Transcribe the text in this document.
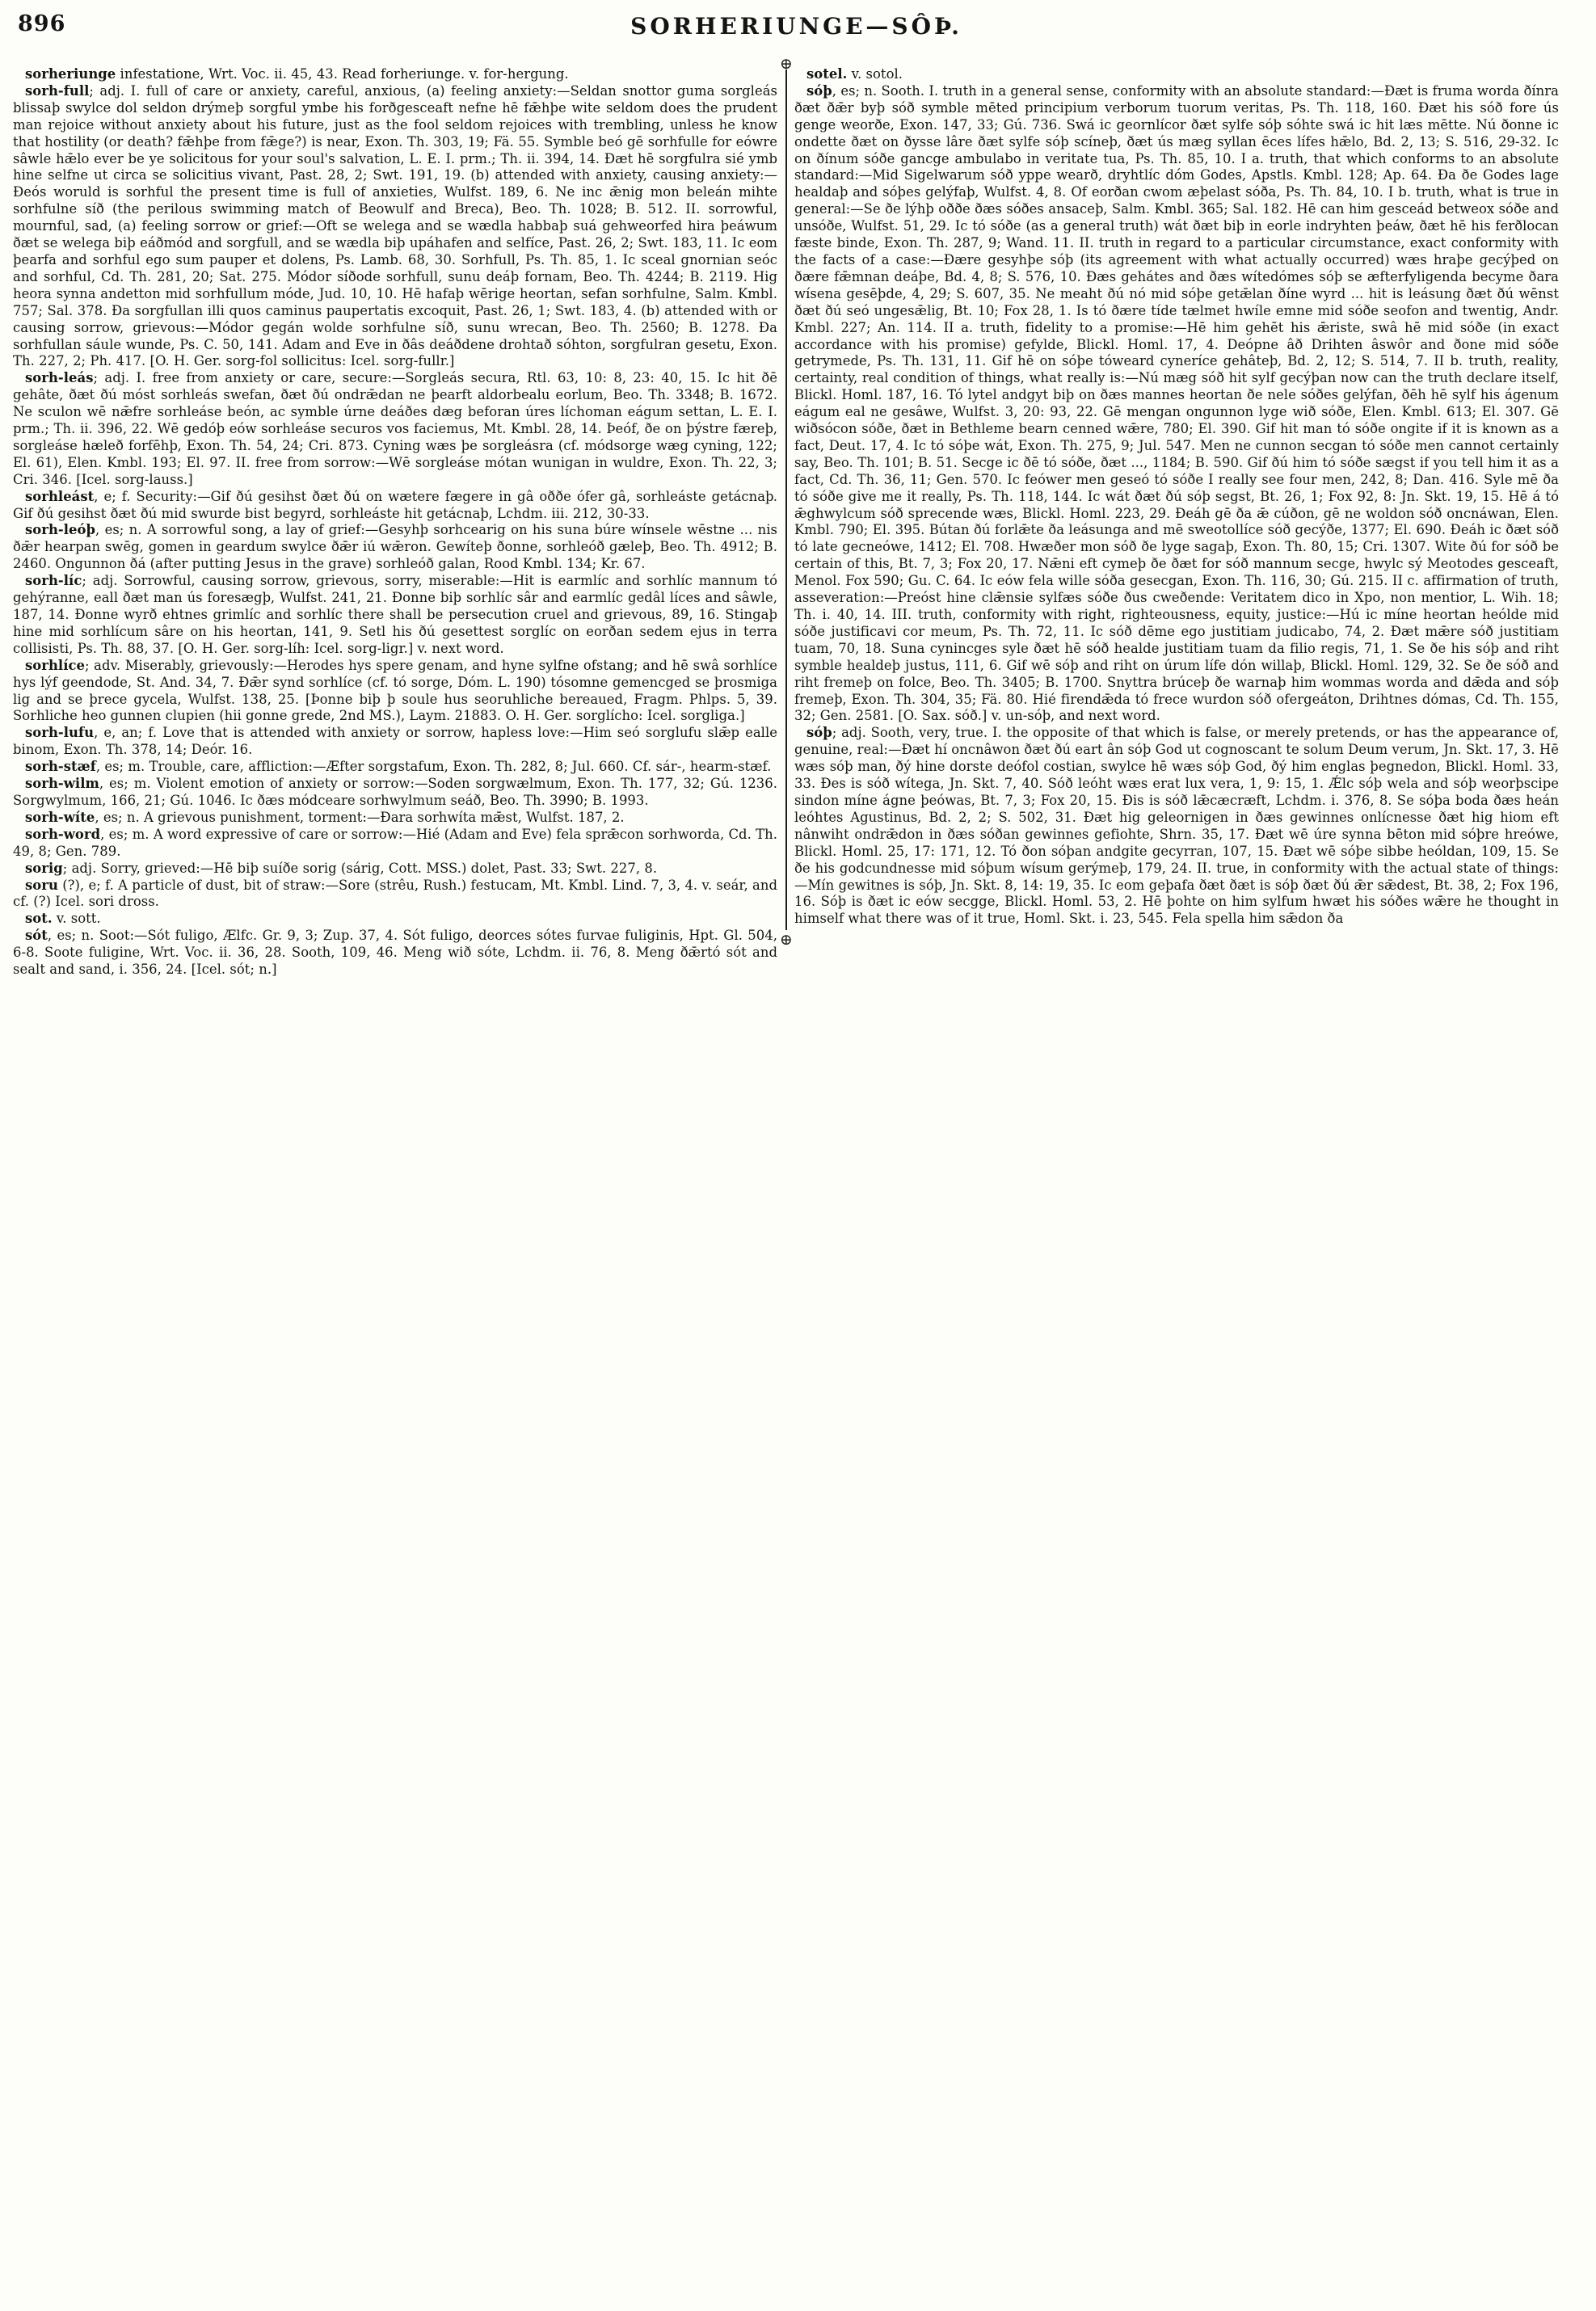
896	SORHERIUNGE—SÔÞ.

sorheriunge infestatione, Wrt. Voc. ii. 45, 43. Read forheriunge. v. for-hergung.

sorh-full; adj. I. full of care or anxiety, careful, anxious, (a) feeling anxiety:—Seldan snottor guma sorgleás blissaþ swylce dol seldon drýmeþ sorgful ymbe his forðgesceaft nefne hē fǣhþe wite seldom does the prudent man rejoice without anxiety about his future, just as the fool seldom rejoices with trembling, unless he know that hostility (or death? fǣhþe from fǣge?) is near, Exon. Th. 303, 19; Fä. 55. Symble beó gē sorhfulle for eówre sâwle hǣlo ever be ye solicitous for your soul's salvation, L. E. I. prm.; Th. ii. 394, 14. Ðæt hē sorgfulra sié ymb hine selfne ut circa se solicitius vivant, Past. 28, 2; Swt. 191, 19. (b) attended with anxiety, causing anxiety:—Ðeós woruld is sorhful the present time is full of anxieties, Wulfst. 189, 6. Ne inc ǣnig mon beleán mihte sorhfulne síð (the perilous swimming match of Beowulf and Breca), Beo. Th. 1028; B. 512. II. sorrowful, mournful, sad, (a) feeling sorrow or grief:—Oft se welega and se wædla habbaþ suá gehweorfed hira þeáwum ðæt se welega biþ eáðmód and sorgfull, and se wædla biþ upáhafen and selfíce, Past. 26, 2; Swt. 183, 11. Ic eom þearfa and sorhful ego sum pauper et dolens, Ps. Lamb. 68, 30. Sorhfull, Ps. Th. 85, 1. Ic sceal gnornian seóc and sorhful, Cd. Th. 281, 20; Sat. 275. Módor síðode sorhfull, sunu deáþ fornam, Beo. Th. 4244; B. 2119. Hig heora synna andetton mid sorhfullum móde, Jud. 10, 10. Hē hafaþ wērige heortan, sefan sorhfulne, Salm. Kmbl. 757; Sal. 378. Ða sorgfullan illi quos caminus paupertatis excoquit, Past. 26, 1; Swt. 183, 4. (b) attended with or causing sorrow, grievous:—Módor gegán wolde sorhfulne síð, sunu wrecan, Beo. Th. 2560; B. 1278. Ða sorhfullan sáule wunde, Ps. C. 50, 141. Adam and Eve in ðâs deáðdene drohtað sóhton, sorgfulran gesetu, Exon. Th. 227, 2; Ph. 417. [O. H. Ger. sorg-fol sollicitus: Icel. sorg-fullr.]

sorh-leás; adj. I. free from anxiety or care, secure:—Sorgleás secura, Rtl. 63, 10: 8, 23: 40, 15. Ic hit ðē gehâte, ðæt ðú móst sorhleás swefan, ðæt ðú ondrǣdan ne þearft aldorbealu eorlum, Beo. Th. 3348; B. 1672. Ne sculon wē nǣfre sorhleáse beón, ac symble úrne deáðes dæg beforan úres líchoman eágum settan, L. E. I. prm.; Th. ii. 396, 22. Wē gedóþ eów sorhleáse securos vos faciemus, Mt. Kmbl. 28, 14. Þeóf, ðe on þýstre færeþ, sorgleáse hæleð forfēhþ, Exon. Th. 54, 24; Cri. 873. Cyning wæs þe sorgleásra (cf. módsorge wæg cyning, 122; El. 61), Elen. Kmbl. 193; El. 97. II. free from sorrow:—Wē sorgleáse mótan wunigan in wuldre, Exon. Th. 22, 3; Cri. 346. [Icel. sorg-lauss.]

sorhleást, e; f. Security:—Gif ðú gesihst ðæt ðú on wætere fægere in gâ oððe ófer gâ, sorhleáste getácnaþ. Gif ðú gesihst ðæt ðú mid swurde bist begyrd, sorhleáste hit getácnaþ, Lchdm. iii. 212, 30-33.

sorh-leóþ, es; n. A sorrowful song, a lay of grief:—Gesyhþ sorhcearig on his suna búre wínsele wēstne ... nis ðǣr hearpan swēg, gomen in geardum swylce ðǣr iú wǣron. Gewíteþ ðonne, sorhleóð gæleþ, Beo. Th. 4912; B. 2460. Ongunnon ðá (after putting Jesus in the grave) sorhleóð galan, Rood Kmbl. 134; Kr. 67.

sorh-líc; adj. Sorrowful, causing sorrow, grievous, sorry, miserable:—Hit is earmlíc and sorhlíc mannum tó gehýranne, eall ðæt man ús foresægþ, Wulfst. 241, 21. Ðonne biþ sorhlíc sâr and earmlíc gedâl líces and sâwle, 187, 14. Ðonne wyrð ehtnes grimlíc and sorhlíc there shall be persecution cruel and grievous, 89, 16. Stingaþ hine mid sorhlícum sâre on his heortan, 141, 9. Setl his ðú gesettest sorglíc on eorðan sedem ejus in terra collisisti, Ps. Th. 88, 37. [O. H. Ger. sorg-líh: Icel. sorg-ligr.] v. next word.

sorhlíce; adv. Miserably, grievously:—Herodes hys spere genam, and hyne sylfne ofstang; and hē swâ sorhlíce hys lýf geendode, St. And. 34, 7. Ðǣr synd sorhlíce (cf. tó sorge, Dóm. L. 190) tósomne gemencged se þrosmiga lig and se þrece gycela, Wulfst. 138, 25. [Þonne biþ þ soule hus seoruhliche bereaued, Fragm. Phlps. 5, 39. Sorhliche heo gunnen clupien (hii gonne grede, 2nd MS.), Laym. 21883. O. H. Ger. sorglícho: Icel. sorgliga.]

sorh-lufu, e, an; f. Love that is attended with anxiety or sorrow, hapless love:—Him seó sorglufu slǣp ealle binom, Exon. Th. 378, 14; Deór. 16.

sorh-stæf, es; m. Trouble, care, affliction:—Æfter sorgstafum, Exon. Th. 282, 8; Jul. 660. Cf. sár-, hearm-stæf.

sorh-wilm, es; m. Violent emotion of anxiety or sorrow:—Soden sorgwælmum, Exon. Th. 177, 32; Gú. 1236. Sorgwylmum, 166, 21; Gú. 1046. Ic ðæs módceare sorhwylmum seáð, Beo. Th. 3990; B. 1993.

sorh-wíte, es; n. A grievous punishment, torment:—Ðara sorhwíta mǣst, Wulfst. 187, 2.

sorh-word, es; m. A word expressive of care or sorrow:—Hié (Adam and Eve) fela sprǣcon sorhworda, Cd. Th. 49, 8; Gen. 789.

sorig; adj. Sorry, grieved:—Hē biþ suíðe sorig (sárig, Cott. MSS.) dolet, Past. 33; Swt. 227, 8.

soru (?), e; f. A particle of dust, bit of straw:—Sore (strêu, Rush.) festucam, Mt. Kmbl. Lind. 7, 3, 4. v. seár, and cf. (?) Icel. sori dross.

sot. v. sott.

sót, es; n. Soot:—Sót fuligo, Ælfc. Gr. 9, 3; Zup. 37, 4. Sót fuligo, deorces sótes furvae fuliginis, Hpt. Gl. 504, 6-8. Soote fuligine, Wrt. Voc. ii. 36, 28. Sooth, 109, 46. Meng wið sóte, Lchdm. ii. 76, 8. Meng ðǣrtó sót and sealt and sand, i. 356, 24. [Icel. sót; n.]

⊕
⊕

sotel. v. sotol.

sóþ, es; n. Sooth. I. truth in a general sense, conformity with an absolute standard:—Ðæt is fruma worda ðínra ðæt ðǣr byþ sóð symble mēted principium verborum tuorum veritas, Ps. Th. 118, 160. Ðæt his sóð fore ús genge weorðe, Exon. 147, 33; Gú. 736. Swá ic geornlícor ðæt sylfe sóþ sóhte swá ic hit læs mētte. Nú ðonne ic ondette ðæt on ðysse lâre ðæt sylfe sóþ scíneþ, ðæt ús mæg syllan ēces lífes hǣlo, Bd. 2, 13; S. 516, 29-32. Ic on ðínum sóðe gancge ambulabo in veritate tua, Ps. Th. 85, 10. I a. truth, that which conforms to an absolute standard:—Mid Sigelwarum sóð yppe wearð, dryhtlíc dóm Godes, Apstls. Kmbl. 128; Ap. 64. Ða ðe Godes lage healdaþ and sóþes gelýfaþ, Wulfst. 4, 8. Of eorðan cwom æþelast sóða, Ps. Th. 84, 10. I b. truth, what is true in general:—Se ðe lýhþ oððe ðæs sóðes ansaceþ, Salm. Kmbl. 365; Sal. 182. Hē can him gesceád betweox sóðe and unsóðe, Wulfst. 51, 29. Ic tó sóðe (as a general truth) wát ðæt biþ in eorle indryhten þeáw, ðæt hē his ferðlocan fæste binde, Exon. Th. 287, 9; Wand. 11. II. truth in regard to a particular circumstance, exact conformity with the facts of a case:—Ðære gesyhþe sóþ (its agreement with what actually occurred) wæs hraþe gecýþed on ðære fǣmnan deáþe, Bd. 4, 8; S. 576, 10. Ðæs gehátes and ðæs wítedómes sóþ se æfterfyligenda becyme ðara wísena gesēþde, 4, 29; S. 607, 35. Ne meaht ðú nó mid sóþe getǣlan ðíne wyrd ... hit is leásung ðæt ðú wēnst ðæt ðú seó ungesǣlig, Bt. 10; Fox 28, 1. Is tó ðære tíde tælmet hwíle emne mid sóðe seofon and twentig, Andr. Kmbl. 227; An. 114. II a. truth, fidelity to a promise:—Hē him gehēt his ǣriste, swâ hē mid sóðe (in exact accordance with his promise) gefylde, Blickl. Homl. 17, 4. Deópne âð Drihten âswôr and ðone mid sóðe getrymede, Ps. Th. 131, 11. Gif hē on sóþe tóweard cyneríce gehâteþ, Bd. 2, 12; S. 514, 7. II b. truth, reality, certainty, real condition of things, what really is:—Nú mæg sóð hit sylf gecýþan now can the truth declare itself, Blickl. Homl. 187, 16. Tó lytel andgyt biþ on ðæs mannes heortan ðe nele sóðes gelýfan, ðēh hē sylf his ágenum eágum eal ne gesâwe, Wulfst. 3, 20: 93, 22. Gē mengan ongunnon lyge wið sóðe, Elen. Kmbl. 613; El. 307. Gē wiðsócon sóðe, ðæt in Bethleme bearn cenned wǣre, 780; El. 390. Gif hit man tó sóðe ongite if it is known as a fact, Deut. 17, 4. Ic tó sóþe wát, Exon. Th. 275, 9; Jul. 547. Men ne cunnon secgan tó sóðe men cannot certainly say, Beo. Th. 101; B. 51. Secge ic ðē tó sóðe, ðæt ..., 1184; B. 590. Gif ðú him tó sóðe sægst if you tell him it as a fact, Cd. Th. 36, 11; Gen. 570. Ic feówer men geseó tó sóðe I really see four men, 242, 8; Dan. 416. Syle mē ða tó sóðe give me it really, Ps. Th. 118, 144. Ic wát ðæt ðú sóþ segst, Bt. 26, 1; Fox 92, 8: Jn. Skt. 19, 15. Hē á tó ǣghwylcum sóð sprecende wæs, Blickl. Homl. 223, 29. Ðeáh gē ða ǣ cúðon, gē ne woldon sóð oncnáwan, Elen. Kmbl. 790; El. 395. Bútan ðú forlǣte ða leásunga and mē sweotollíce sóð gecýðe, 1377; El. 690. Ðeáh ic ðæt sóð tó late gecneówe, 1412; El. 708. Hwæðer mon sóð ðe lyge sagaþ, Exon. Th. 80, 15; Cri. 1307. Wite ðú for sóð be certain of this, Bt. 7, 3; Fox 20, 17. Nǣni eft cymeþ ðe ðæt for sóð mannum secge, hwylc sý Meotodes gesceaft, Menol. Fox 590; Gu. C. 64. Ic eów fela wille sóða gesecgan, Exon. Th. 116, 30; Gú. 215. II c. affirmation of truth, asseveration:—Preóst hine clǣnsie sylfæs sóðe ðus cweðende: Veritatem dico in Xpo, non mentior, L. Wih. 18; Th. i. 40, 14. III. truth, conformity with right, righteousness, equity, justice:—Hú ic míne heortan heólde mid sóðe justificavi cor meum, Ps. Th. 72, 11. Ic sóð dēme ego justitiam judicabo, 74, 2. Ðæt mǣre sóð justitiam tuam, 70, 18. Suna cynincges syle ðæt hē sóð healde justitiam tuam da filio regis, 71, 1. Se ðe his sóþ and riht symble healdeþ justus, 111, 6. Gif wē sóþ and riht on úrum lífe dón willaþ, Blickl. Homl. 129, 32. Se ðe sóð and riht fremeþ on folce, Beo. Th. 3405; B. 1700. Snyttra brúceþ ðe warnaþ him wommas worda and dǣda and sóþ fremeþ, Exon. Th. 304, 35; Fä. 80. Hié firendǣda tó frece wurdon sóð ofergeáton, Drihtnes dómas, Cd. Th. 155, 32; Gen. 2581. [O. Sax. sóð.] v. un-sóþ, and next word.

sóþ; adj. Sooth, very, true. I. the opposite of that which is false, or merely pretends, or has the appearance of, genuine, real:—Ðæt hí oncnâwon ðæt ðú eart ân sóþ God ut cognoscant te solum Deum verum, Jn. Skt. 17, 3. Hē wæs sóþ man, ðý hine dorste deófol costian, swylce hē wæs sóþ God, ðý him englas þegnedon, Blickl. Homl. 33, 33. Ðes is sóð wítega, Jn. Skt. 7, 40. Sóð leóht wæs erat lux vera, 1, 9: 15, 1. Ǽlc sóþ wela and sóþ weorþscipe sindon míne ágne þeówas, Bt. 7, 3; Fox 20, 15. Ðis is sóð lǣcæcræft, Lchdm. i. 376, 8. Se sóþa boda ðæs heán leóhtes Agustinus, Bd. 2, 2; S. 502, 31. Ðæt hig geleornigen in ðæs gewinnes onlícnesse ðæt hig hiom eft nânwiht ondrǣdon in ðæs sóðan gewinnes gefiohte, Shrn. 35, 17. Ðæt wē úre synna bēton mid sóþre hreówe, Blickl. Homl. 25, 17: 171, 12. Tó ðon sóþan andgite gecyrran, 107, 15. Ðæt wē sóþe sibbe heóldan, 109, 15. Se ðe his godcundnesse mid sóþum wísum gerýmeþ, 179, 24. II. true, in conformity with the actual state of things:—Mín gewitnes is sóþ, Jn. Skt. 8, 14: 19, 35. Ic eom geþafa ðæt ðæt is sóþ ðæt ðú ǣr sǣdest, Bt. 38, 2; Fox 196, 16. Sóþ is ðæt ic eów secgge, Blickl. Homl. 53, 2. Hē þohte on him sylfum hwæt his sóðes wǣre he thought in himself what there was of it true, Homl. Skt. i. 23, 545. Fela spella him sǣdon ða
